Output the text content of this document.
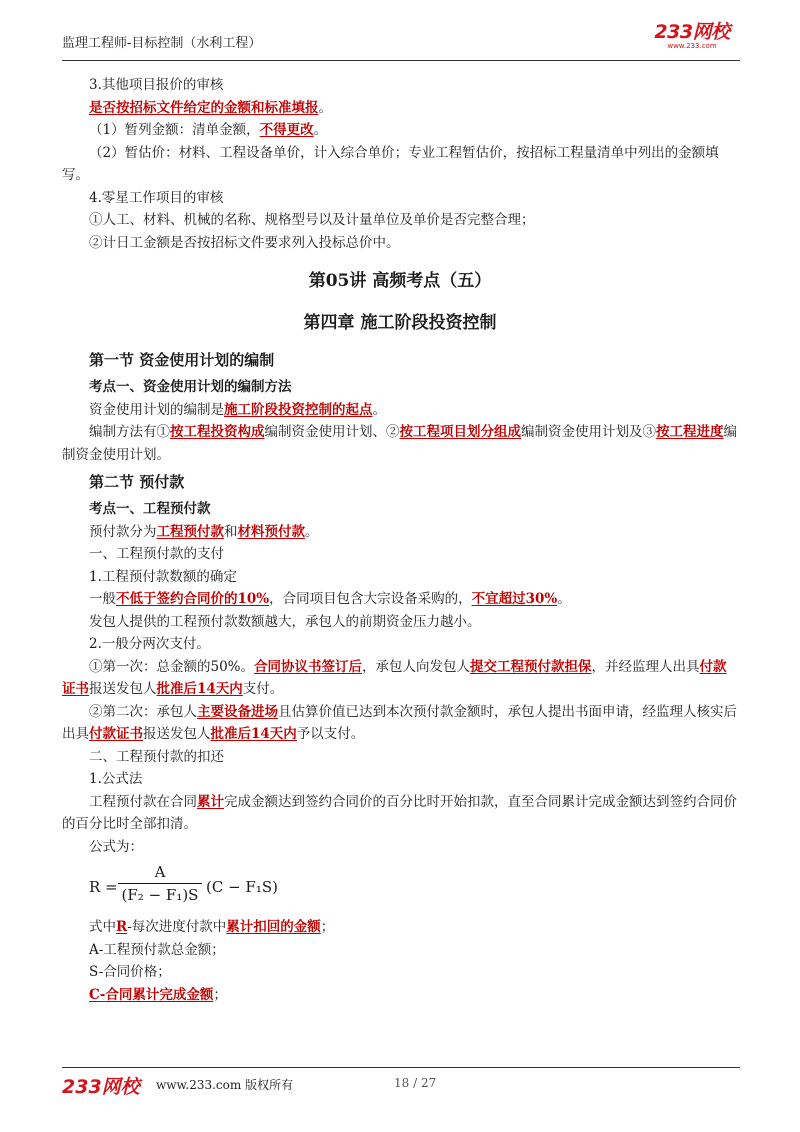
监理工程师-目标控制（水利工程）
233网校
www.233.com

3.其他项目报价的审核

是否按招标文件给定的金额和标准填报。

（1）暂列金额：清单金额，不得更改。

（2）暂估价：材料、工程设备单价，计入综合单价；专业工程暂估价，按招标工程量清单中列出的金额填写。

4.零星工作项目的审核

①人工、材料、机械的名称、规格型号以及计量单位及单价是否完整合理；

②计日工金额是否按招标文件要求列入投标总价中。

第05讲 高频考点（五）
第四章 施工阶段投资控制
第一节 资金使用计划的编制

考点一、资金使用计划的编制方法

资金使用计划的编制是施工阶段投资控制的起点。

编制方法有①按工程投资构成编制资金使用计划、②按工程项目划分组成编制资金使用计划及③按工程进度编制资金使用计划。

第二节 预付款

考点一、工程预付款

预付款分为工程预付款和材料预付款。

一、工程预付款的支付

1.工程预付款数额的确定

一般不低于签约合同价的10%，合同项目包含大宗设备采购的，不宜超过30%。

发包人提供的工程预付款数额越大，承包人的前期资金压力越小。

2.一般分两次支付。

①第一次：总金额的50%。合同协议书签订后，承包人向发包人提交工程预付款担保，并经监理人出具付款证书报送发包人批准后14天内支付。

②第二次：承包人主要设备进场且估算价值已达到本次预付款金额时，承包人提出书面申请，经监理人核实后出具付款证书报送发包人批准后14天内予以支付。

二、工程预付款的扣还

1.公式法

工程预付款在合同累计完成金额达到签约合同价的百分比时开始扣款，直至合同累计完成金额达到签约合同价的百分比时全部扣清。

公式为：

R =
A
(F₂ − F₁)S (C − F₁S)

式中R-每次进度付款中累计扣回的金额；

A-工程预付款总金额；

S-合同价格；

C-合同累计完成金额；

233网校 www.233.com 版权所有	18 / 27
